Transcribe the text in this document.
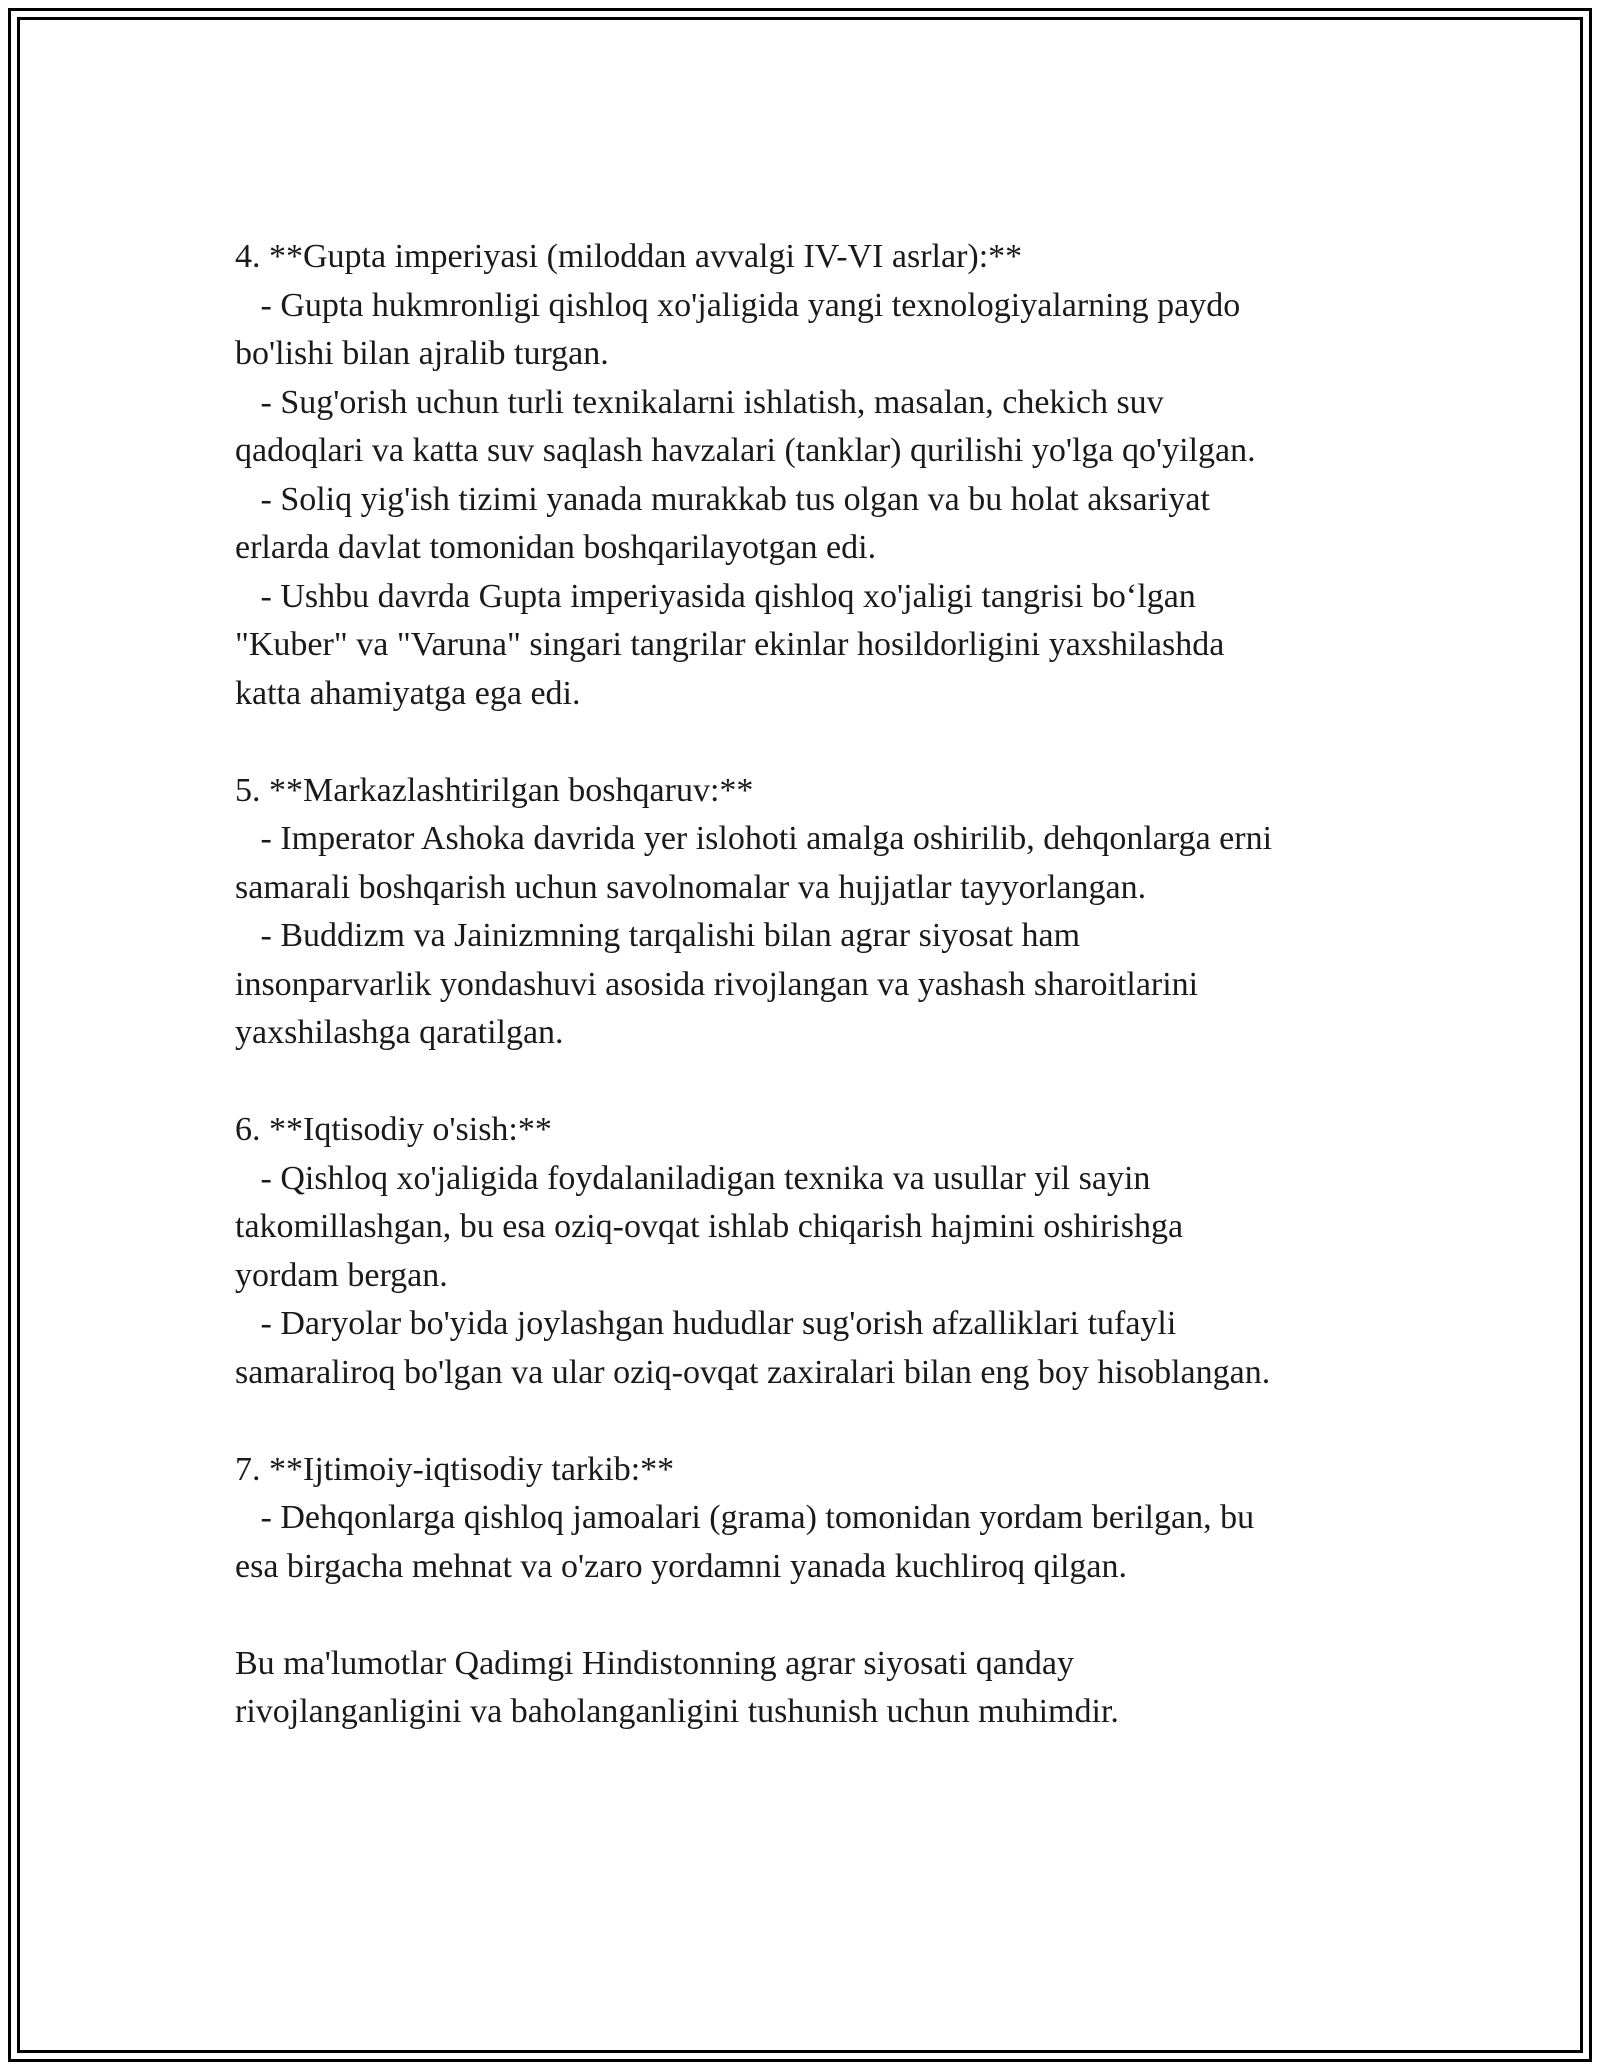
4. **Gupta imperiyasi (miloddan avvalgi IV-VI asrlar):**
- Gupta hukmronligi qishloq xo'jaligida yangi texnologiyalarning paydo
bo'lishi bilan ajralib turgan.
- Sug'orish uchun turli texnikalarni ishlatish, masalan, chekich suv
qadoqlari va katta suv saqlash havzalari (tanklar) qurilishi yo'lga qo'yilgan.
- Soliq yig'ish tizimi yanada murakkab tus olgan va bu holat aksariyat
erlarda davlat tomonidan boshqarilayotgan edi.
- Ushbu davrda Gupta imperiyasida qishloq xo'jaligi tangrisi bo‘lgan
"Kuber" va "Varuna" singari tangrilar ekinlar hosildorligini yaxshilashda
katta ahamiyatga ega edi.
5. **Markazlashtirilgan boshqaruv:**
- Imperator Ashoka davrida yer islohoti amalga oshirilib, dehqonlarga erni
samarali boshqarish uchun savolnomalar va hujjatlar tayyorlangan.
- Buddizm va Jainizmning tarqalishi bilan agrar siyosat ham
insonparvarlik yondashuvi asosida rivojlangan va yashash sharoitlarini
yaxshilashga qaratilgan.
6. **Iqtisodiy o'sish:**
- Qishloq xo'jaligida foydalaniladigan texnika va usullar yil sayin
takomillashgan, bu esa oziq-ovqat ishlab chiqarish hajmini oshirishga
yordam bergan.
- Daryolar bo'yida joylashgan hududlar sug'orish afzalliklari tufayli
samaraliroq bo'lgan va ular oziq-ovqat zaxiralari bilan eng boy hisoblangan.
7. **Ijtimoiy-iqtisodiy tarkib:**
- Dehqonlarga qishloq jamoalari (grama) tomonidan yordam berilgan, bu
esa birgacha mehnat va o'zaro yordamni yanada kuchliroq qilgan.
Bu ma'lumotlar Qadimgi Hindistonning agrar siyosati qanday
rivojlanganligini va baholanganligini tushunish uchun muhimdir.
